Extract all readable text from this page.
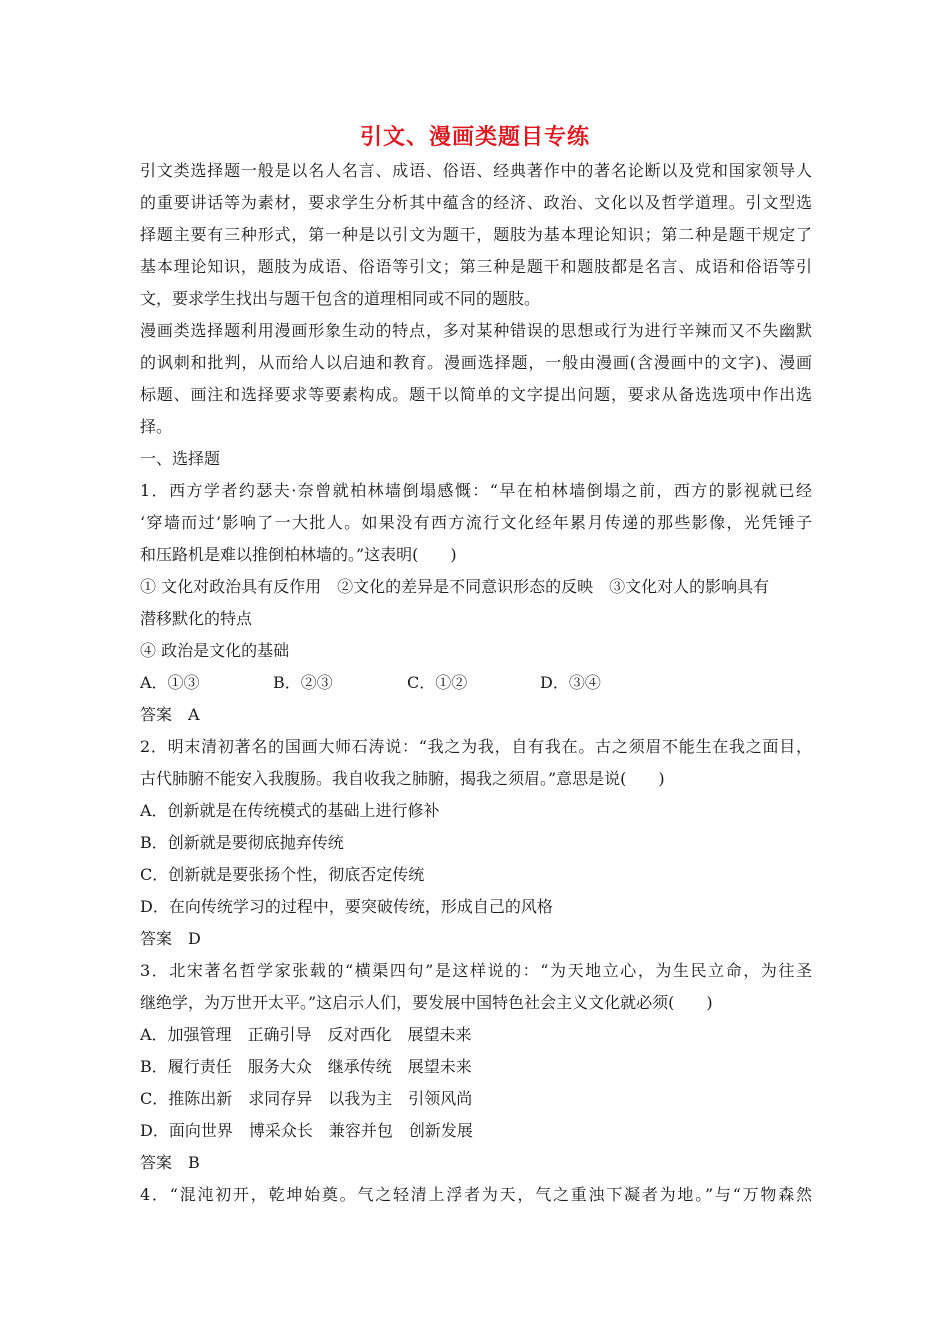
引文、漫画类题目专练
引文类选择题一般是以名人名言、成语、俗语、经典著作中的著名论断以及党和国家领导人
的重要讲话等为素材，要求学生分析其中蕴含的经济、政治、文化以及哲学道理。引文型选
择题主要有三种形式，第一种是以引文为题干，题肢为基本理论知识；第二种是题干规定了
基本理论知识，题肢为成语、俗语等引文；第三种是题干和题肢都是名言、成语和俗语等引
文，要求学生找出与题干包含的道理相同或不同的题肢。
漫画类选择题利用漫画形象生动的特点，多对某种错误的思想或行为进行辛辣而又不失幽默
的讽刺和批判，从而给人以启迪和教育。漫画选择题，一般由漫画(含漫画中的文字)、漫画
标题、画注和选择要求等要素构成。题干以简单的文字提出问题，要求从备选选项中作出选
择。
一、选择题
1．西方学者约瑟夫·奈曾就柏林墙倒塌感慨：“早在柏林墙倒塌之前，西方的影视就已经
‘穿墙而过’影响了一大批人。如果没有西方流行文化经年累月传递的那些影像，光凭锤子
和压路机是难以推倒柏林墙的。”这表明(　　)
① 文化对政治具有反作用　②文化的差异是不同意识形态的反映　③文化对人的影响具有
潜移默化的特点
④ 政治是文化的基础

A．①③

	B．②③

	C．①②

	D．③④

答案　A
2．明末清初著名的国画大师石涛说：“我之为我，自有我在。古之须眉不能生在我之面目，
古代肺腑不能安入我腹肠。我自收我之肺腑，揭我之须眉。”意思是说(　　)
A．创新就是在传统模式的基础上进行修补
B．创新就是要彻底抛弃传统
C．创新就是要张扬个性，彻底否定传统
D．在向传统学习的过程中，要突破传统，形成自己的风格
答案　D
3．北宋著名哲学家张载的“横渠四句”是这样说的：“为天地立心，为生民立命，为往圣
继绝学，为万世开太平。”这启示人们，要发展中国特色社会主义文化就必须(　　)
A．加强管理　正确引导　反对西化　展望未来
B．履行责任　服务大众　继承传统　展望未来
C．推陈出新　求同存异　以我为主　引领风尚
D．面向世界　博采众长　兼容并包　创新发展
答案　B
4．“混沌初开，乾坤始奠。气之轻清上浮者为天，气之重浊下凝者为地。”与“万物森然
